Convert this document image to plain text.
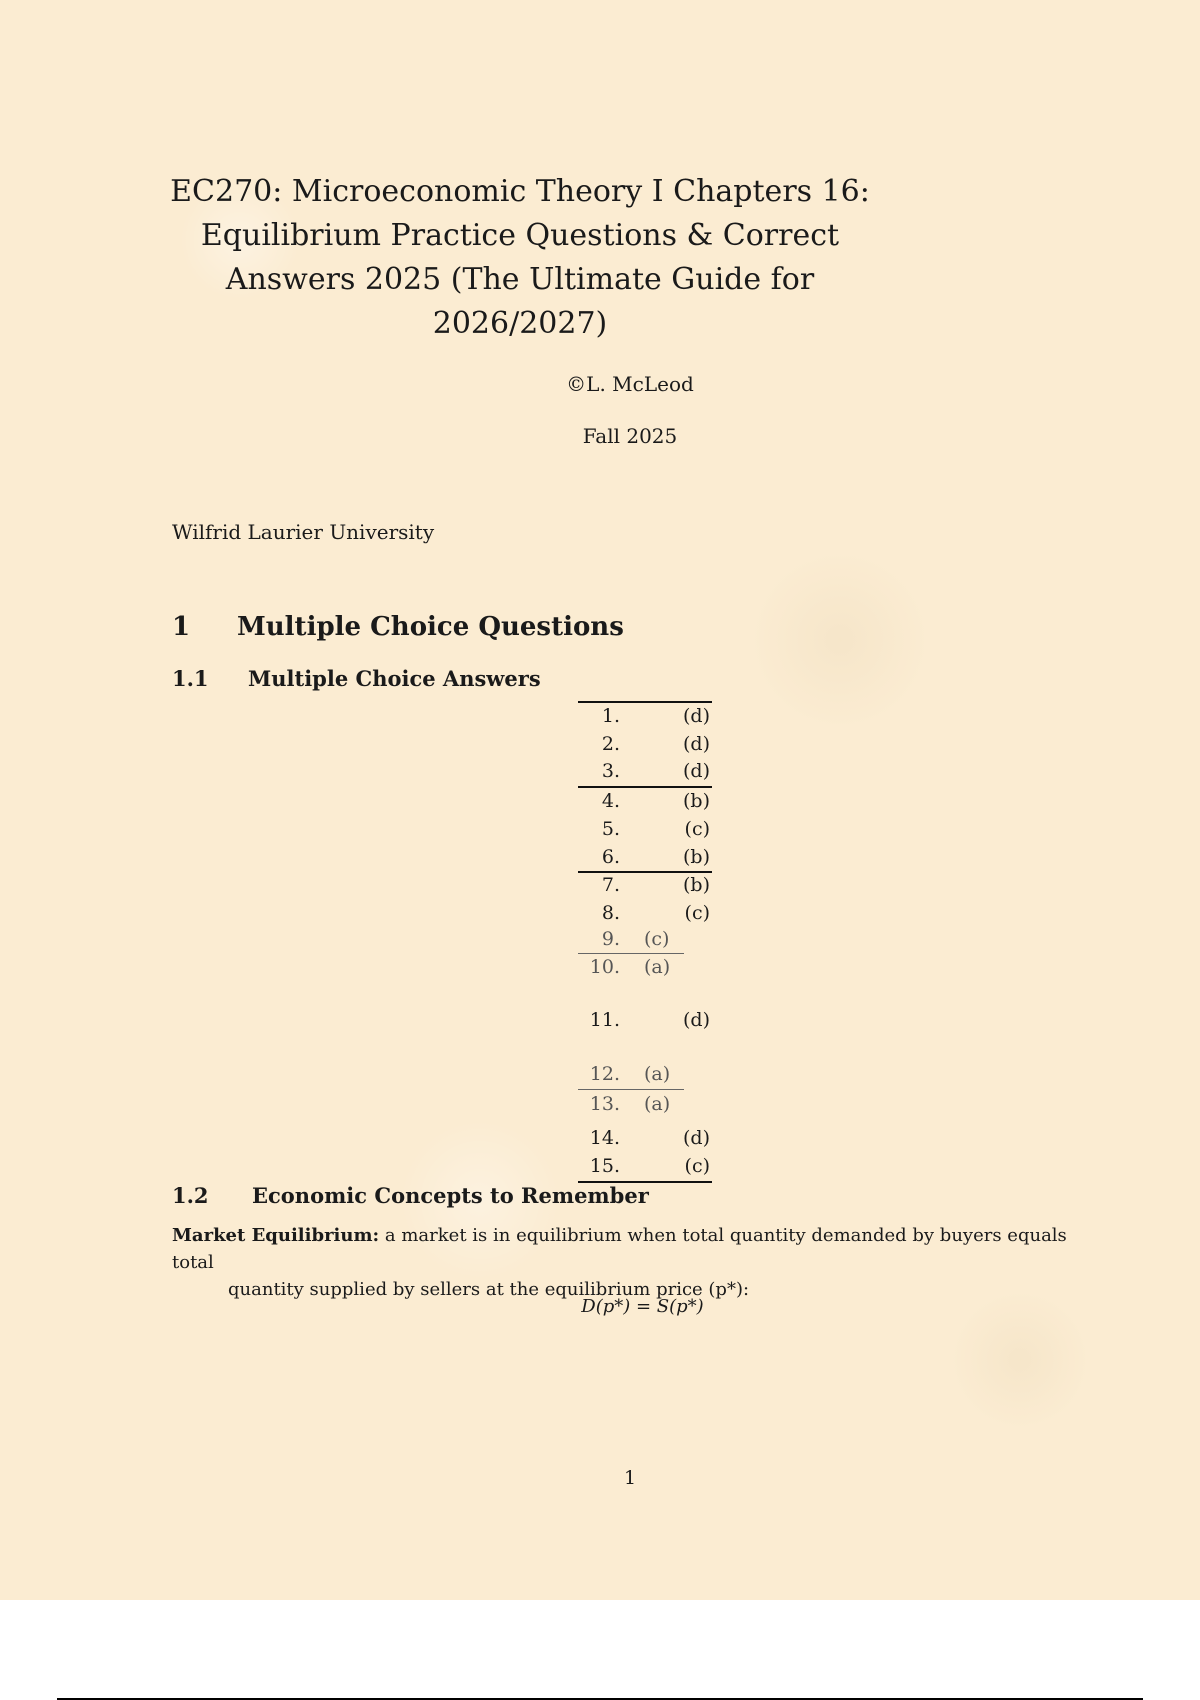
EC270: Microeconomic Theory I Chapters 16: Equilibrium Practice Questions & Correct Answers 2025 (The Ultimate Guide for 2026/2027)
©L. McLeod
Fall 2025
Wilfrid Laurier University
1 Multiple Choice Questions
1.1 Multiple Choice Answers
1.	(d)
2.	(d)
3.	(d)
4.	(b)
5.	(c)
6.	(b)
7.	(b)
8.	(c)
9. (c)
10. (a)
11.	(d)
12. (a)
13. (a)
14.	(d)
15.	(c)
1.2 Economic Concepts to Remember
Market Equilibrium: a market is in equilibrium when total quantity demanded by buyers equals total
quantity supplied by sellers at the equilibrium price (p*):
D(p*) = S(p*)
1
